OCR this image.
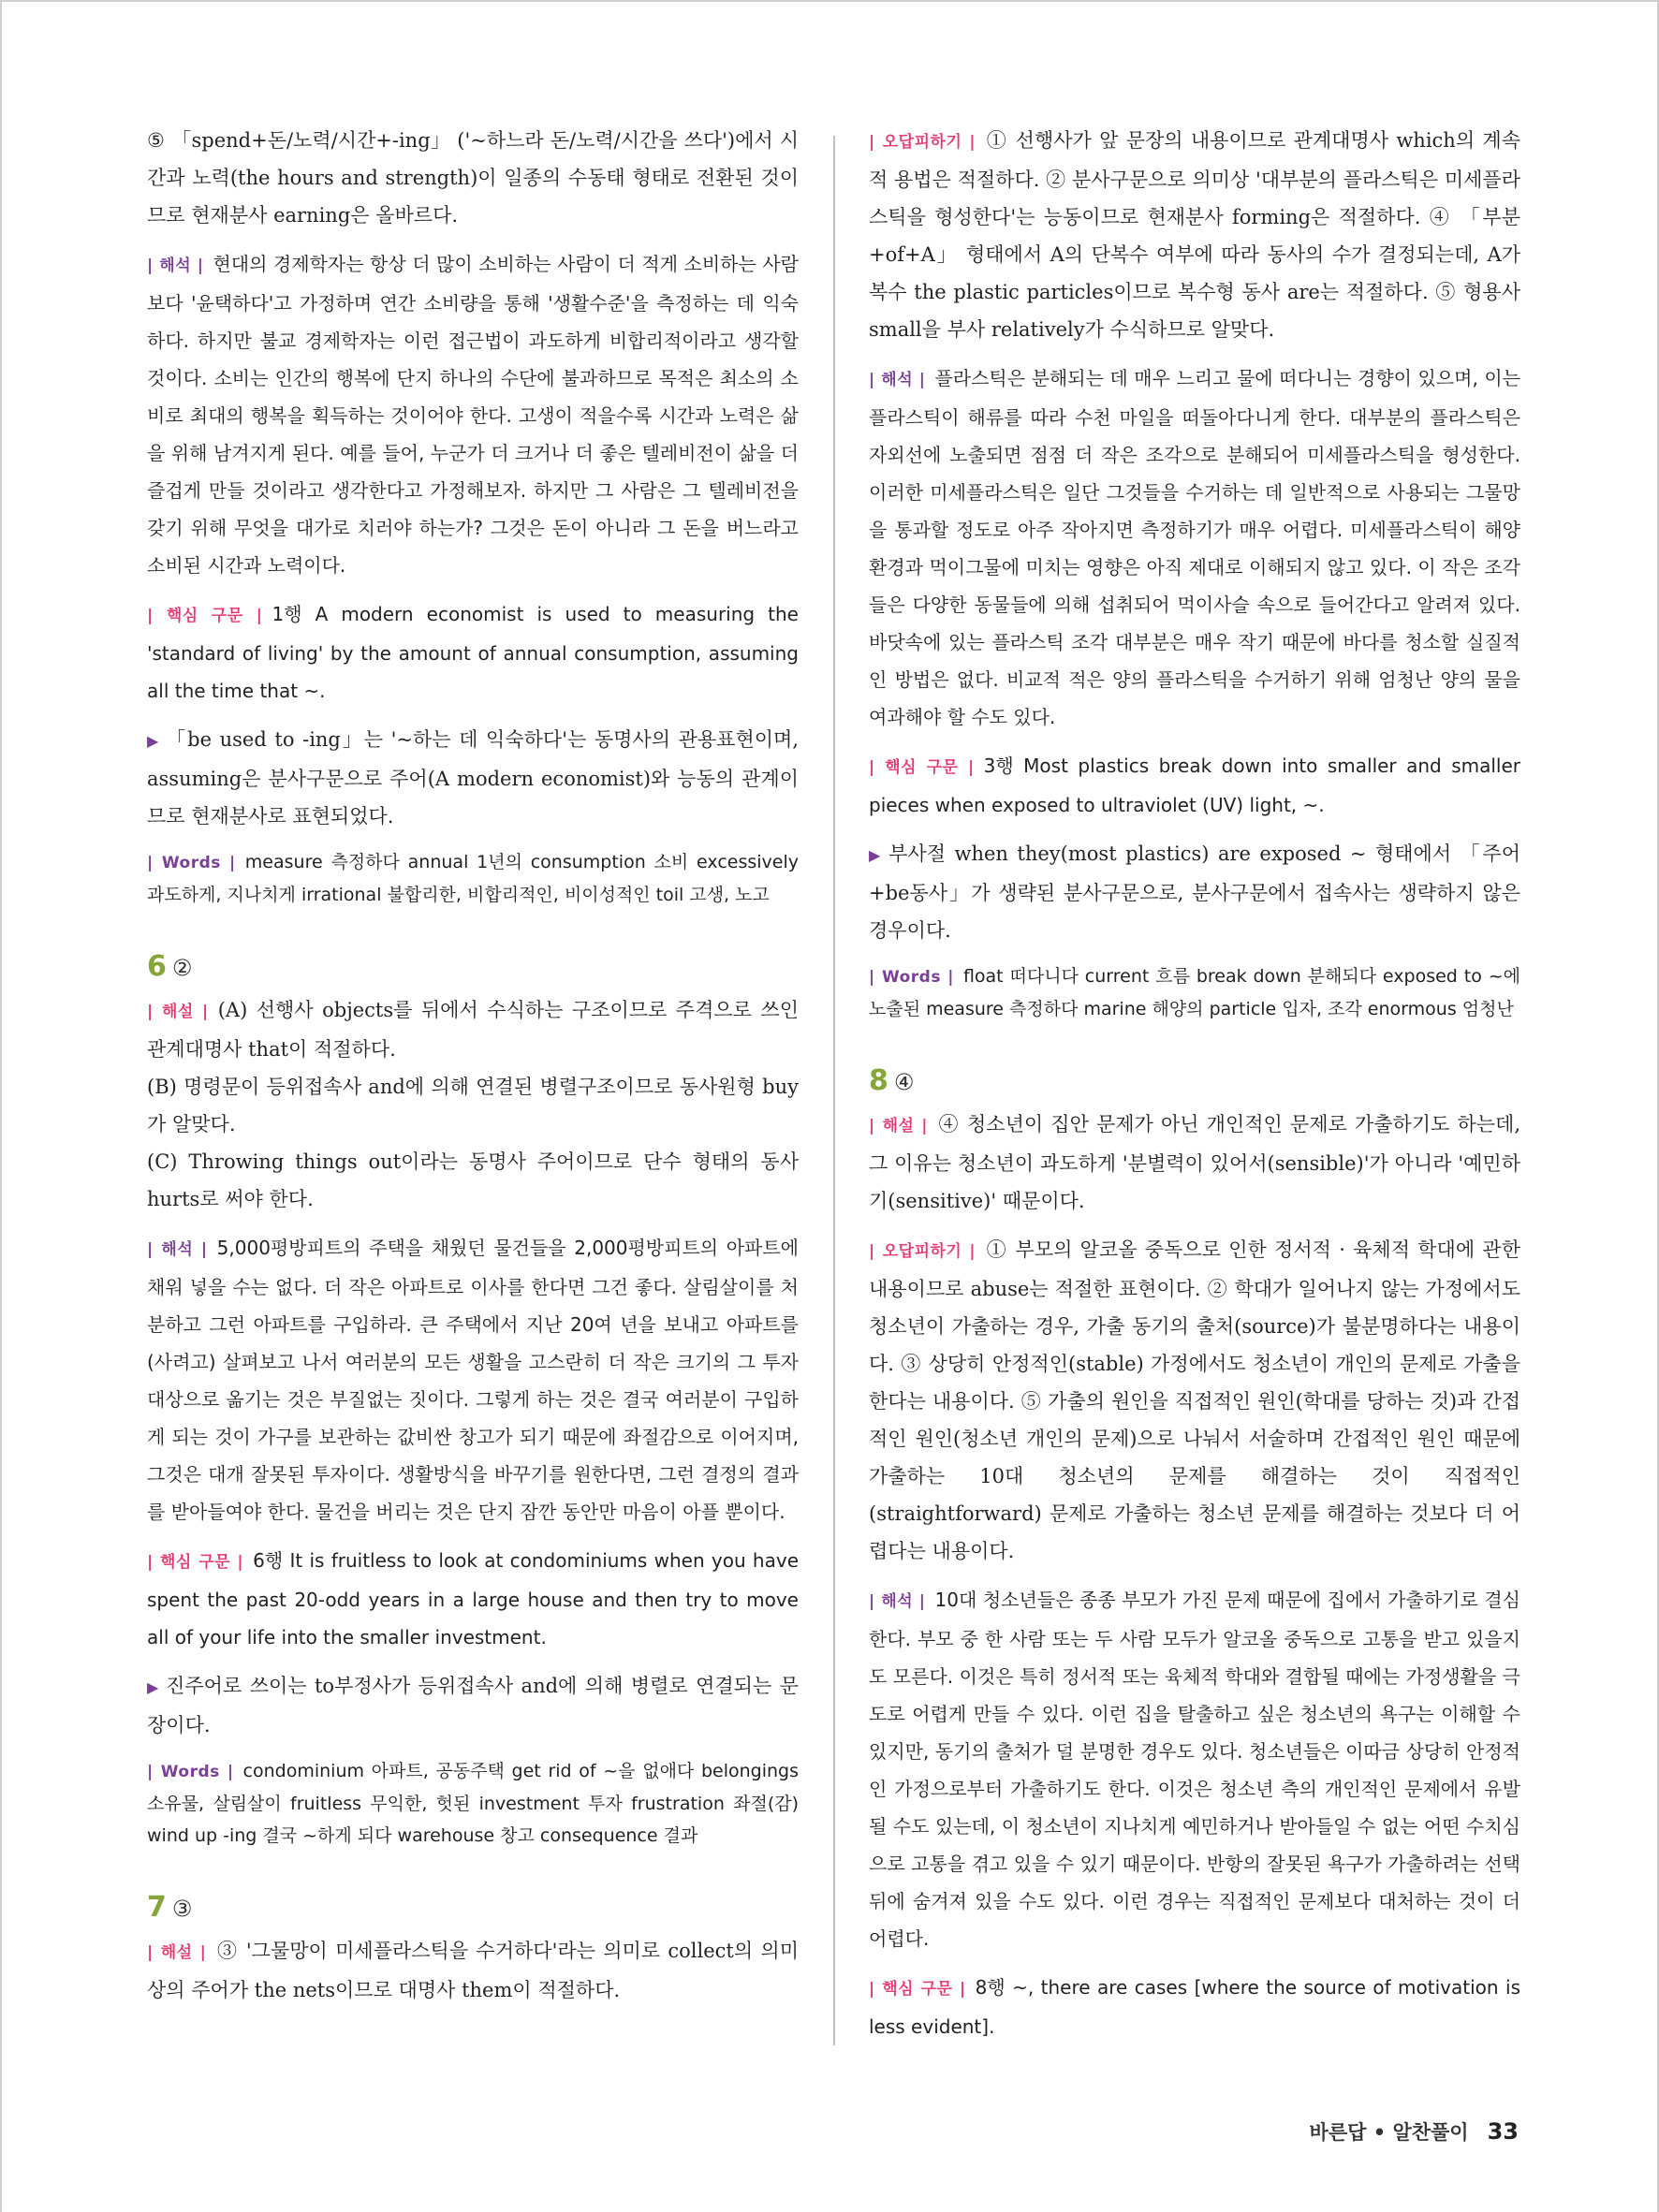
⑤ 「spend+돈/노력/시간+-ing」 ('~하느라 돈/노력/시간을 쓰다')에서 시간과 노력(the hours and strength)이 일종의 수동태 형태로 전환된 것이므로 현재분사 earning은 올바르다.

| 해석 | 현대의 경제학자는 항상 더 많이 소비하는 사람이 더 적게 소비하는 사람보다 '윤택하다'고 가정하며 연간 소비량을 통해 '생활수준'을 측정하는 데 익숙하다. 하지만 불교 경제학자는 이런 접근법이 과도하게 비합리적이라고 생각할 것이다. 소비는 인간의 행복에 단지 하나의 수단에 불과하므로 목적은 최소의 소비로 최대의 행복을 획득하는 것이어야 한다. 고생이 적을수록 시간과 노력은 삶을 위해 남겨지게 된다. 예를 들어, 누군가 더 크거나 더 좋은 텔레비전이 삶을 더 즐겁게 만들 것이라고 생각한다고 가정해보자. 하지만 그 사람은 그 텔레비전을 갖기 위해 무엇을 대가로 치러야 하는가? 그것은 돈이 아니라 그 돈을 버느라고 소비된 시간과 노력이다.

| 핵심 구문 | 1행 A modern economist is used to measuring the 'standard of living' by the amount of annual consumption, assuming all the time that ~.

▶ 「be used to -ing」는 '~하는 데 익숙하다'는 동명사의 관용표현이며, assuming은 분사구문으로 주어(A modern economist)와 능동의 관계이므로 현재분사로 표현되었다.

| Words | measure 측정하다 annual 1년의 consumption 소비 excessively 과도하게, 지나치게 irrational 불합리한, 비합리적인, 비이성적인 toil 고생, 노고

6 ②

| 해설 | (A) 선행사 objects를 뒤에서 수식하는 구조이므로 주격으로 쓰인 관계대명사 that이 적절하다.

(B) 명령문이 등위접속사 and에 의해 연결된 병렬구조이므로 동사원형 buy가 알맞다.

(C) Throwing things out이라는 동명사 주어이므로 단수 형태의 동사 hurts로 써야 한다.

| 해석 | 5,000평방피트의 주택을 채웠던 물건들을 2,000평방피트의 아파트에 채워 넣을 수는 없다. 더 작은 아파트로 이사를 한다면 그건 좋다. 살림살이를 처분하고 그런 아파트를 구입하라. 큰 주택에서 지난 20여 년을 보내고 아파트를 (사려고) 살펴보고 나서 여러분의 모든 생활을 고스란히 더 작은 크기의 그 투자 대상으로 옮기는 것은 부질없는 짓이다. 그렇게 하는 것은 결국 여러분이 구입하게 되는 것이 가구를 보관하는 값비싼 창고가 되기 때문에 좌절감으로 이어지며, 그것은 대개 잘못된 투자이다. 생활방식을 바꾸기를 원한다면, 그런 결정의 결과를 받아들여야 한다. 물건을 버리는 것은 단지 잠깐 동안만 마음이 아플 뿐이다.

| 핵심 구문 | 6행 It is fruitless to look at condominiums when you have spent the past 20-odd years in a large house and then try to move all of your life into the smaller investment.

▶ 진주어로 쓰이는 to부정사가 등위접속사 and에 의해 병렬로 연결되는 문장이다.

| Words | condominium 아파트, 공동주택 get rid of ~을 없애다 belongings 소유물, 살림살이 fruitless 무익한, 헛된 investment 투자 frustration 좌절(감) wind up -ing 결국 ~하게 되다 warehouse 창고 consequence 결과

7 ③

| 해설 | ③ '그물망이 미세플라스틱을 수거하다'라는 의미로 collect의 의미상의 주어가 the nets이므로 대명사 them이 적절하다.

| 오답피하기 | ① 선행사가 앞 문장의 내용이므로 관계대명사 which의 계속적 용법은 적절하다. ② 분사구문으로 의미상 '대부분의 플라스틱은 미세플라스틱을 형성한다'는 능동이므로 현재분사 forming은 적절하다. ④ 「부분+of+A」 형태에서 A의 단복수 여부에 따라 동사의 수가 결정되는데, A가 복수 the plastic particles이므로 복수형 동사 are는 적절하다. ⑤ 형용사 small을 부사 relatively가 수식하므로 알맞다.

| 해석 | 플라스틱은 분해되는 데 매우 느리고 물에 떠다니는 경향이 있으며, 이는 플라스틱이 해류를 따라 수천 마일을 떠돌아다니게 한다. 대부분의 플라스틱은 자외선에 노출되면 점점 더 작은 조각으로 분해되어 미세플라스틱을 형성한다. 이러한 미세플라스틱은 일단 그것들을 수거하는 데 일반적으로 사용되는 그물망을 통과할 정도로 아주 작아지면 측정하기가 매우 어렵다. 미세플라스틱이 해양환경과 먹이그물에 미치는 영향은 아직 제대로 이해되지 않고 있다. 이 작은 조각들은 다양한 동물들에 의해 섭취되어 먹이사슬 속으로 들어간다고 알려져 있다. 바닷속에 있는 플라스틱 조각 대부분은 매우 작기 때문에 바다를 청소할 실질적인 방법은 없다. 비교적 적은 양의 플라스틱을 수거하기 위해 엄청난 양의 물을 여과해야 할 수도 있다.

| 핵심 구문 | 3행 Most plastics break down into smaller and smaller pieces when exposed to ultraviolet (UV) light, ~.

▶ 부사절 when they(most plastics) are exposed ~ 형태에서 「주어+be동사」가 생략된 분사구문으로, 분사구문에서 접속사는 생략하지 않은 경우이다.

| Words | float 떠다니다 current 흐름 break down 분해되다 exposed to ~에 노출된 measure 측정하다 marine 해양의 particle 입자, 조각 enormous 엄청난

8 ④

| 해설 | ④ 청소년이 집안 문제가 아닌 개인적인 문제로 가출하기도 하는데, 그 이유는 청소년이 과도하게 '분별력이 있어서(sensible)'가 아니라 '예민하기(sensitive)' 때문이다.

| 오답피하기 | ① 부모의 알코올 중독으로 인한 정서적 · 육체적 학대에 관한 내용이므로 abuse는 적절한 표현이다. ② 학대가 일어나지 않는 가정에서도 청소년이 가출하는 경우, 가출 동기의 출처(source)가 불분명하다는 내용이다. ③ 상당히 안정적인(stable) 가정에서도 청소년이 개인의 문제로 가출을 한다는 내용이다. ⑤ 가출의 원인을 직접적인 원인(학대를 당하는 것)과 간접적인 원인(청소년 개인의 문제)으로 나눠서 서술하며 간접적인 원인 때문에 가출하는 10대 청소년의 문제를 해결하는 것이 직접적인(straightforward) 문제로 가출하는 청소년 문제를 해결하는 것보다 더 어렵다는 내용이다.

| 해석 | 10대 청소년들은 종종 부모가 가진 문제 때문에 집에서 가출하기로 결심한다. 부모 중 한 사람 또는 두 사람 모두가 알코올 중독으로 고통을 받고 있을지도 모른다. 이것은 특히 정서적 또는 육체적 학대와 결합될 때에는 가정생활을 극도로 어렵게 만들 수 있다. 이런 집을 탈출하고 싶은 청소년의 욕구는 이해할 수 있지만, 동기의 출처가 덜 분명한 경우도 있다. 청소년들은 이따금 상당히 안정적인 가정으로부터 가출하기도 한다. 이것은 청소년 측의 개인적인 문제에서 유발될 수도 있는데, 이 청소년이 지나치게 예민하거나 받아들일 수 없는 어떤 수치심으로 고통을 겪고 있을 수 있기 때문이다. 반항의 잘못된 욕구가 가출하려는 선택 뒤에 숨겨져 있을 수도 있다. 이런 경우는 직접적인 문제보다 대처하는 것이 더 어렵다.

| 핵심 구문 | 8행 ~, there are cases [where the source of motivation is less evident].

바른답 • 알찬풀이 33
